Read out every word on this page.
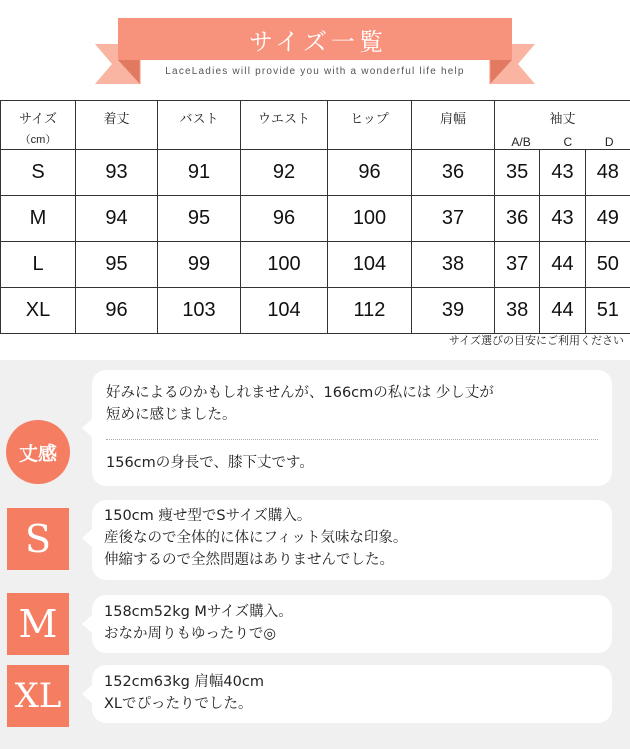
サイズ一覧
LaceLadies will provide you with a wonderful life help
サイズ
（cm）	着丈	バスト	ウエスト	ヒップ	肩幅	袖丈
A/B C D

S	93	91	92	96	36	35 43 48

M	94	95	96	100	37	36 43 49

L	95	99	100	104	38	37 44 50

XL	96	103	104	112	39	38 44 51
サイズ選びの目安にご利用ください
丈感

好みによるのかもしれませんが、166cmの私には 少し丈が

短めに感じました。

156cmの身長で、膝下丈です。

S

150cm 痩せ型でSサイズ購入。

産後なので全体的に体にフィット気味な印象。

伸縮するので全然問題はありませんでした。

M	158cm52kg Mサイズ購入。

おなか周りもゆったりで◎

XL	152cm63kg 肩幅40cm

XLでぴったりでした。
